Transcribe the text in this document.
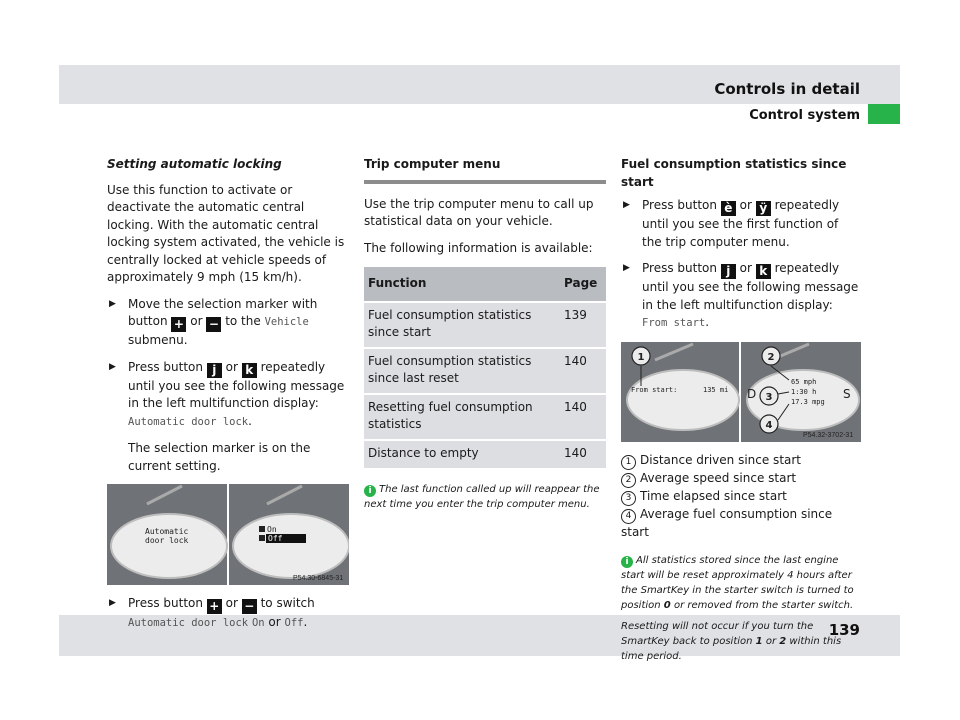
Controls in detail
Control system
139

Setting automatic locking

Use this function to activate or deactivate the automatic central locking. With the automatic central locking system activated, the vehicle is centrally locked at vehicle speeds of approximately 9 mph (15 km/h).

▶ Move the selection marker with button + or − to the Vehicle submenu.
▶ Press button j or k repeatedly until you see the following message in the left multifunction display: Automatic door lock.

The selection marker is on the current setting.

Automatic
door lock
On
Off
P54.30-6845-31
▶ Press button + or − to switch Automatic door lock On or Off.

Trip computer menu

Use the trip computer menu to call up statistical data on your vehicle.

The following information is available:

Function	Page
Fuel consumption statistics since start	139
Fuel consumption statistics since last reset	140
Resetting fuel consumption statistics	140
Distance to empty	140

i The last function called up will reappear the next time you enter the trip computer menu.

Fuel consumption statistics since start

▶ Press button è or ÿ repeatedly until you see the first function of the trip computer menu.
▶ Press button j or k repeatedly until you see the following message in the left multifunction display: From start.
From start:	135 mi D	S
65 mph
1:30 h
17.3 mpg
1	2
3
4
P54.32-3702-31
1 Distance driven since start
2 Average speed since start
3 Time elapsed since start
4 Average fuel consumption since start

i All statistics stored since the last engine start will be reset approximately 4 hours after the SmartKey in the starter switch is turned to position 0 or removed from the starter switch.

Resetting will not occur if you turn the SmartKey back to position 1 or 2 within this time period.
